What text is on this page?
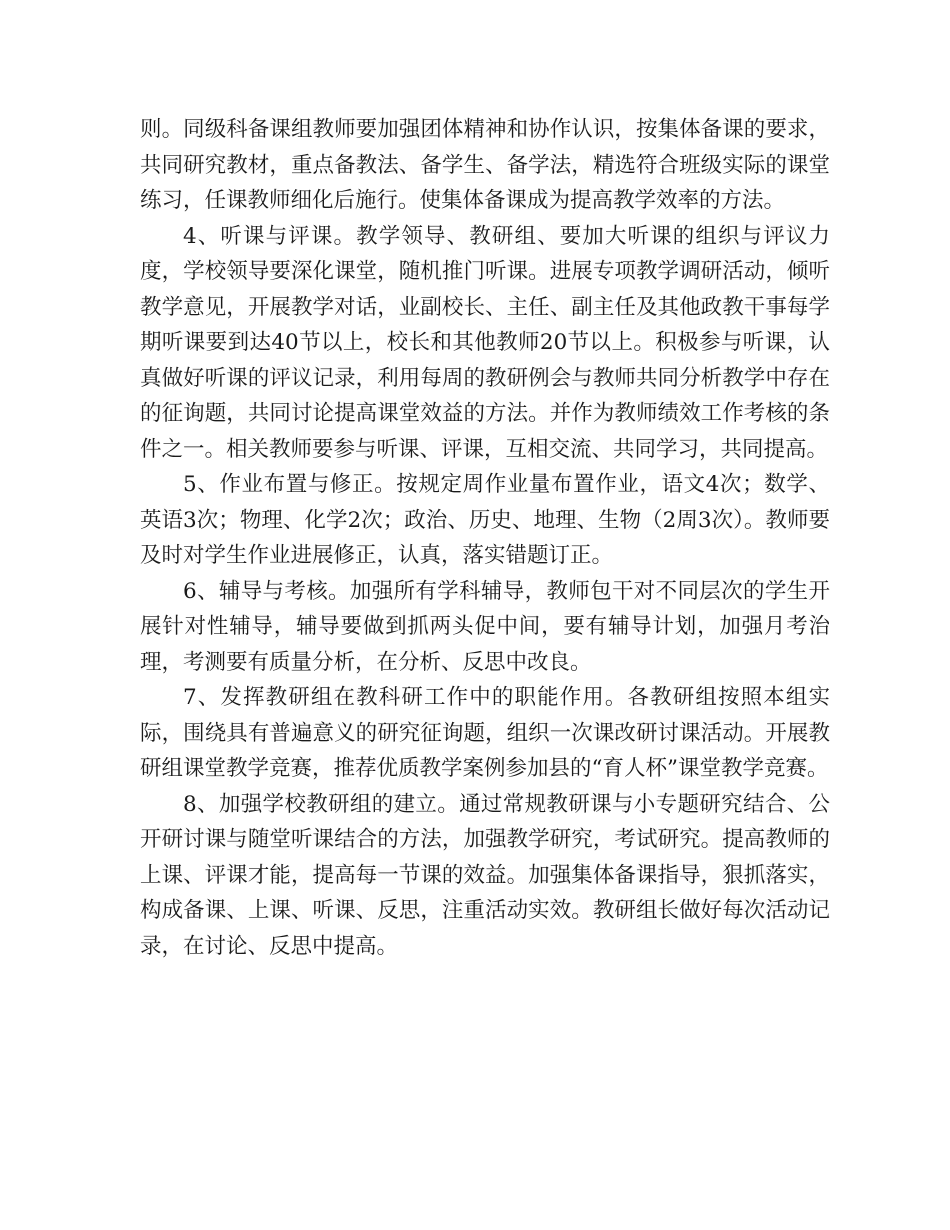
则。同级科备课组教师要加强团体精神和协作认识，按集体备课的要求，共同研究教材，重点备教法、备学生、备学法，精选符合班级实际的课堂练习，任课教师细化后施行。使集体备课成为提高教学效率的方法。

4、听课与评课。教学领导、教研组、要加大听课的组织与评议力度，学校领导要深化课堂，随机推门听课。进展专项教学调研活动，倾听教学意见，开展教学对话，业副校长、主任、副主任及其他政教干事每学期听课要到达40节以上，校长和其他教师20节以上。积极参与听课，认真做好听课的评议记录，利用每周的教研例会与教师共同分析教学中存在的征询题，共同讨论提高课堂效益的方法。并作为教师绩效工作考核的条件之一。相关教师要参与听课、评课，互相交流、共同学习，共同提高。

5、作业布置与修正。按规定周作业量布置作业，语文4次；数学、英语3次；物理、化学2次；政治、历史、地理、生物（2周3次）。教师要及时对学生作业进展修正，认真，落实错题订正。

6、辅导与考核。加强所有学科辅导，教师包干对不同层次的学生开展针对性辅导，辅导要做到抓两头促中间，要有辅导计划，加强月考治理，考测要有质量分析，在分析、反思中改良。

7、发挥教研组在教科研工作中的职能作用。各教研组按照本组实际，围绕具有普遍意义的研究征询题，组织一次课改研讨课活动。开展教研组课堂教学竞赛，推荐优质教学案例参加县的“育人杯”课堂教学竞赛。

8、加强学校教研组的建立。通过常规教研课与小专题研究结合、公开研讨课与随堂听课结合的方法，加强教学研究，考试研究。提高教师的上课、评课才能，提高每一节课的效益。加强集体备课指导，狠抓落实，构成备课、上课、听课、反思，注重活动实效。教研组长做好每次活动记录，在讨论、反思中提高。
